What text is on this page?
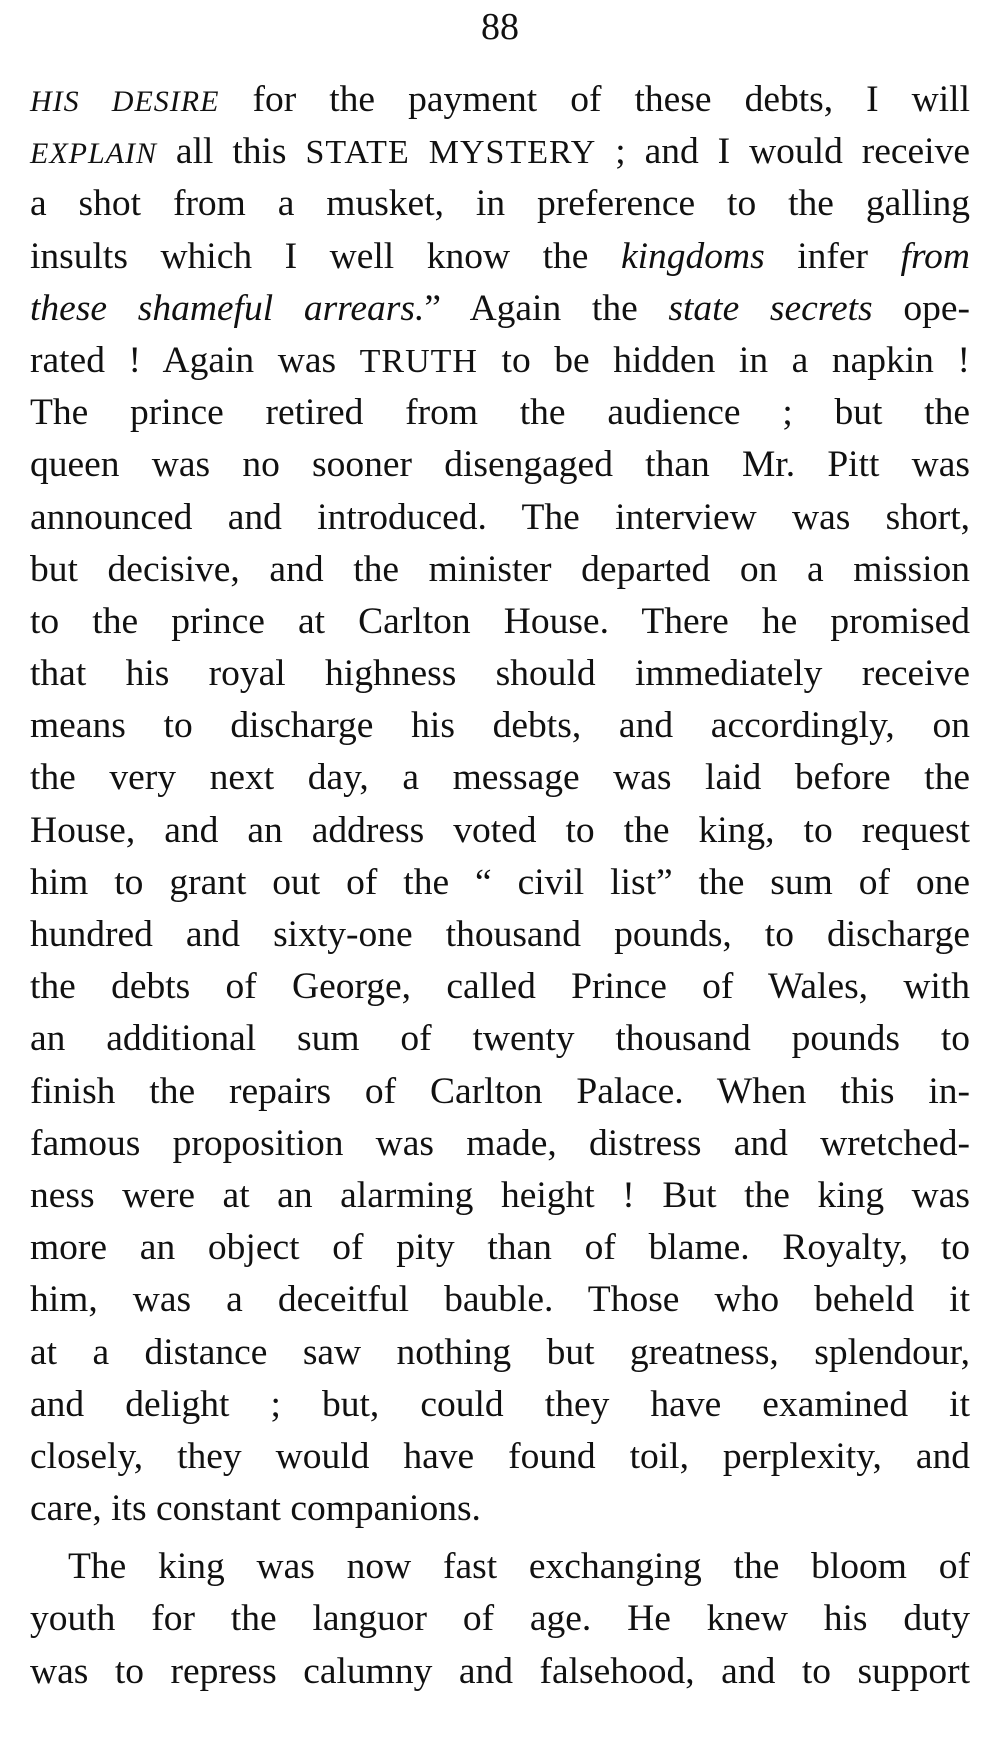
88
HIS DESIRE for the payment of these debts, I will
EXPLAIN all this STATE MYSTERY ; and I would receive
a shot from a musket, in preference to the galling
insults which I well know the kingdoms infer from
these shameful arrears.” Again the state secrets ope-
rated ! Again was TRUTH to be hidden in a napkin !
The prince retired from the audience ; but the
queen was no sooner disengaged than Mr. Pitt was
announced and introduced. The interview was short,
but decisive, and the minister departed on a mission
to the prince at Carlton House. There he promised
that his royal highness should immediately receive
means to discharge his debts, and accordingly, on
the very next day, a message was laid before the
House, and an address voted to the king, to request
him to grant out of the “ civil list” the sum of one
hundred and sixty-one thousand pounds, to discharge
the debts of George, called Prince of Wales, with
an additional sum of twenty thousand pounds to
finish the repairs of Carlton Palace. When this in-
famous proposition was made, distress and wretched-
ness were at an alarming height ! But the king was
more an object of pity than of blame. Royalty, to
him, was a deceitful bauble. Those who beheld it
at a distance saw nothing but greatness, splendour,
and delight ; but, could they have examined it
closely, they would have found toil, perplexity, and
care, its constant companions.
The king was now fast exchanging the bloom of
youth for the languor of age. He knew his duty
was to repress calumny and falsehood, and to support
